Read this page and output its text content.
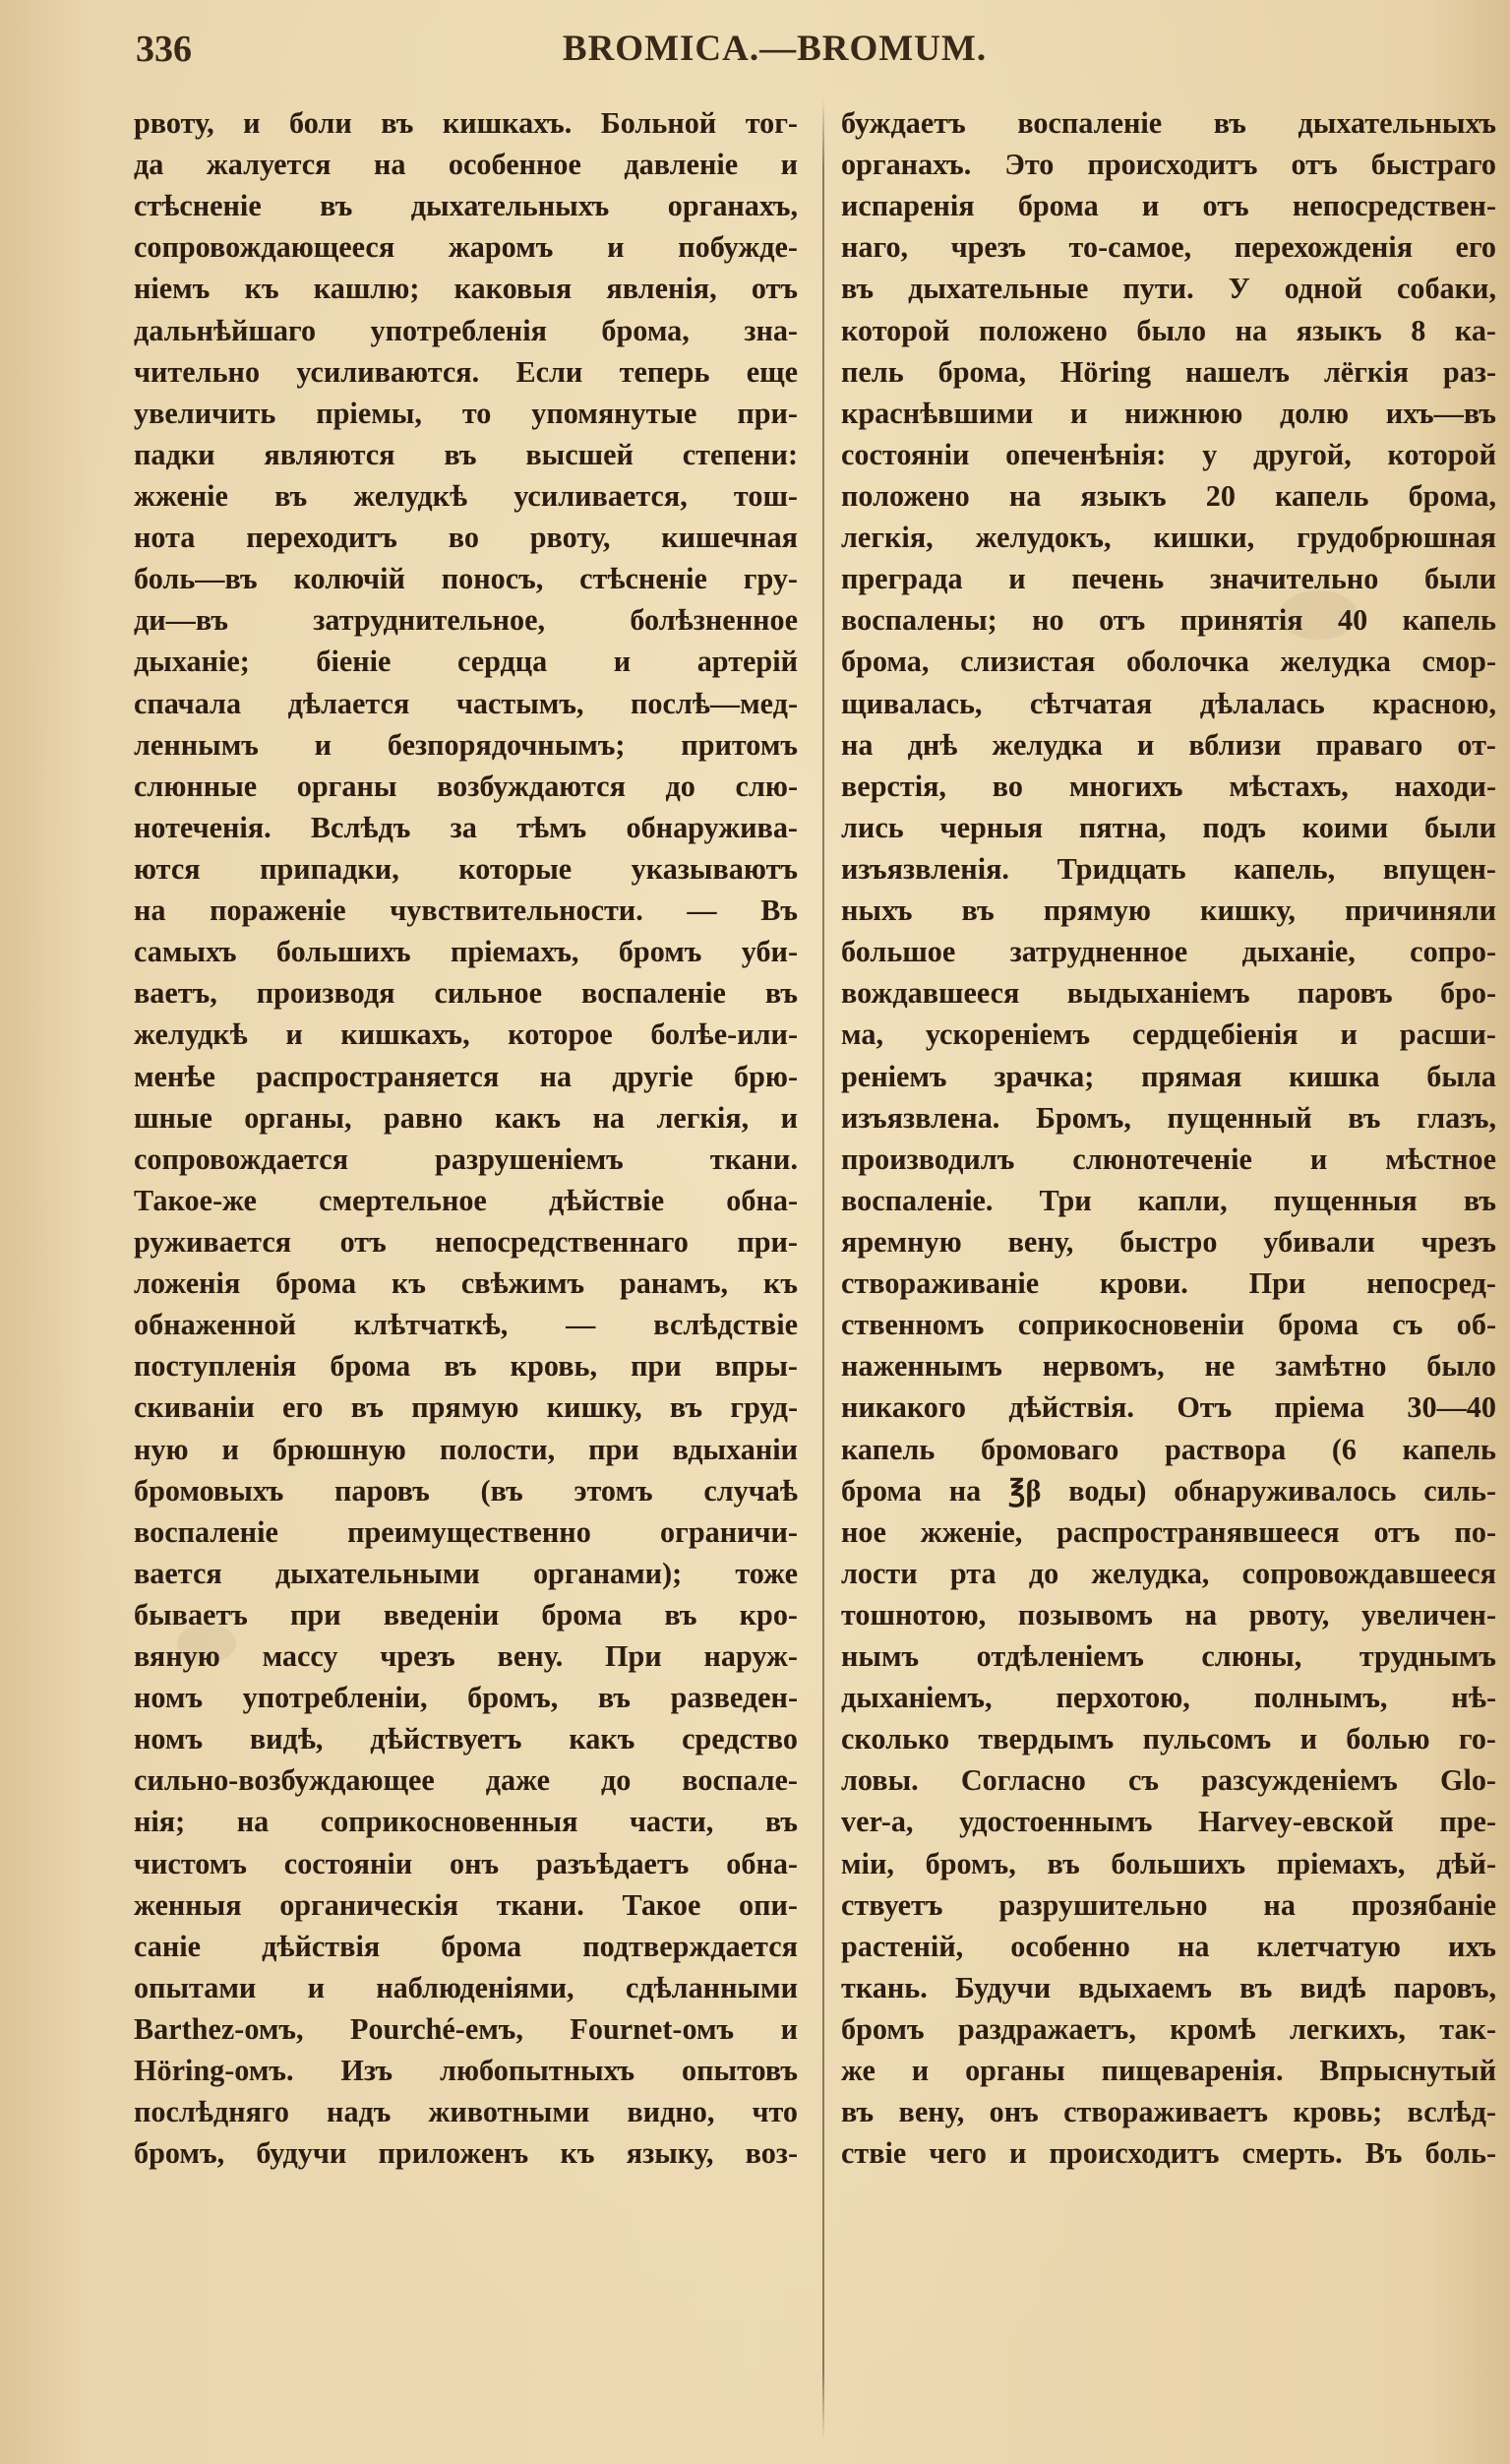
336	BROMICA.—BROMUM.
рвоту, и боли въ кишкахъ. Больной тог-
да жалуется на особенное давленіе и
стѣсненіе въ дыхательныхъ органахъ,
сопровождающееся жаромъ и побужде-
ніемъ къ кашлю; каковыя явленія, отъ
дальнѣйшаго употребленія брома, зна-
чительно усиливаются. Если теперь еще
увеличить пріемы, то упомянутые при-
падки являются въ высшей степени:
жженіе въ желудкѣ усиливается, тош-
нота переходитъ во рвоту, кишечная
боль—въ колючій поносъ, стѣсненіе гру-
ди—въ затруднительное, болѣзненное
дыханіе; біеніе сердца и артерій
спачала дѣлается частымъ, послѣ—мед-
леннымъ и безпорядочнымъ; притомъ
слюнные органы возбуждаются до слю-
нотеченія. Вслѣдъ за тѣмъ обнаружива-
ются припадки, которые указываютъ
на пораженіе чувствительности. — Въ
самыхъ большихъ пріемахъ, бромъ уби-
ваетъ, производя сильное воспаленіе въ
желудкѣ и кишкахъ, которое болѣе-или-
менѣе распространяется на другіе брю-
шные органы, равно какъ на легкія, и
сопровождается разрушеніемъ ткани.
Такое-же смертельное дѣйствіе обна-
руживается отъ непосредственнаго при-
ложенія брома къ свѣжимъ ранамъ, къ
обнаженной клѣтчаткѣ, — вслѣдствіе
поступленія брома въ кровь, при впры-
скиваніи его въ прямую кишку, въ груд-
ную и брюшную полости, при вдыханіи
бромовыхъ паровъ (въ этомъ случаѣ
воспаленіе преимущественно ограничи-
вается дыхательными органами); тоже
бываетъ при введеніи брома въ кро-
вяную массу чрезъ вену. При наруж-
номъ употребленіи, бромъ, въ разведен-
номъ видѣ, дѣйствуетъ какъ средство
сильно-возбуждающее даже до воспале-
нія; на соприкосновенныя части, въ
чистомъ состояніи онъ разъѣдаетъ обна-
женныя органическія ткани. Такое опи-
саніе дѣйствія брома подтверждается
опытами и наблюденіями, сдѣланными
Barthez-омъ, Pourché-емъ, Fournet-омъ и
Höring-омъ. Изъ любопытныхъ опытовъ
послѣдняго надъ животными видно, что
бромъ, будучи приложенъ къ языку, воз-
буждаетъ воспаленіе въ дыхательныхъ
органахъ. Это происходитъ отъ быстраго
испаренія брома и отъ непосредствен-
наго, чрезъ то-самое, перехожденія его
въ дыхательные пути. У одной собаки,
которой положено было на языкъ 8 ка-
пель брома, Höring нашелъ лёгкія раз-
краснѣвшими и нижнюю долю ихъ—въ
состояніи опеченѣнія: у другой, которой
положено на языкъ 20 капель брома,
легкія, желудокъ, кишки, грудобрюшная
преграда и печень значительно были
воспалены; но отъ принятія 40 капель
брома, слизистая оболочка желудка смор-
щивалась, сѣтчатая дѣлалась красною,
на днѣ желудка и вблизи праваго от-
верстія, во многихъ мѣстахъ, находи-
лись черныя пятна, подъ коими были
изъязвленія. Тридцать капель, впущен-
ныхъ въ прямую кишку, причиняли
большое затрудненное дыханіе, сопро-
вождавшееся выдыханіемъ паровъ бро-
ма, ускореніемъ сердцебіенія и расши-
реніемъ зрачка; прямая кишка была
изъязвлена. Бромъ, пущенный въ глазъ,
производилъ слюнотеченіе и мѣстное
воспаленіе. Три капли, пущенныя въ
яремную вену, быстро убивали чрезъ
створаживаніе крови. При непосред-
ственномъ соприкосновеніи брома съ об-
наженнымъ нервомъ, не замѣтно было
никакого дѣйствія. Отъ пріема 30—40
капель бромоваго раствора (6 капель
брома на ℥β воды) обнаруживалось силь-
ное жженіе, распространявшееся отъ по-
лости рта до желудка, сопровождавшееся
тошнотою, позывомъ на рвоту, увеличен-
нымъ отдѣленіемъ слюны, труднымъ
дыханіемъ, перхотою, полнымъ, нѣ-
сколько твердымъ пульсомъ и болью го-
ловы. Согласно съ разсужденіемъ Glo-
ver-а, удостоеннымъ Harvey-евской пре-
міи, бромъ, въ большихъ пріемахъ, дѣй-
ствуетъ разрушительно на прозябаніе
растеній, особенно на клетчатую ихъ
ткань. Будучи вдыхаемъ въ видѣ паровъ,
бромъ раздражаетъ, кромѣ легкихъ, так-
же и органы пищеваренія. Впрыснутый
въ вену, онъ створаживаетъ кровь; вслѣд-
ствіе чего и происходитъ смерть. Въ боль-
